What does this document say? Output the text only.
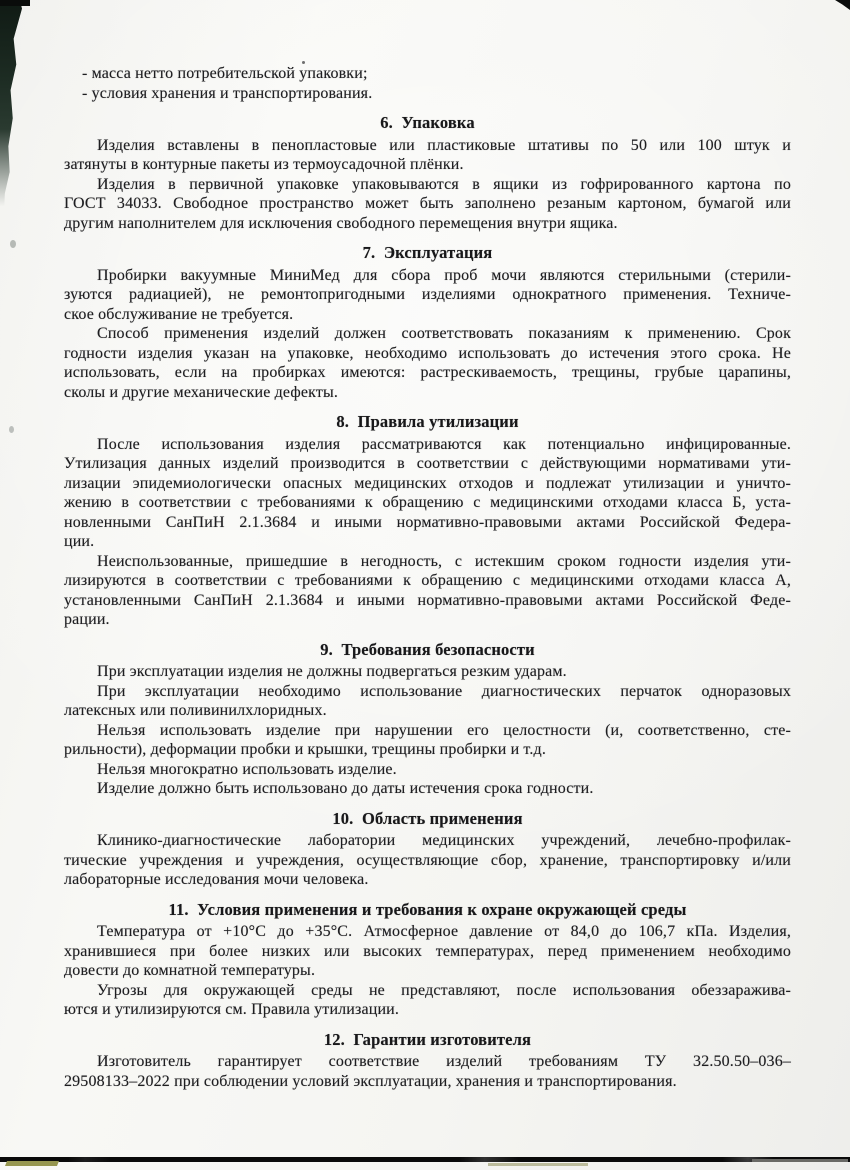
- масса нетто потребительской упаковки;
- условия хранения и транспортирования.
6.  Упаковка
Изделия вставлены в пенопластовые или пластиковые штативы по 50 или 100 штук и
затянуты в контурные пакеты из термоусадочной плёнки.
Изделия в первичной упаковке упаковываются в ящики из гофрированного картона по
ГОСТ 34033. Свободное пространство может быть заполнено резаным картоном, бумагой или
другим наполнителем для исключения свободного перемещения внутри ящика.
7.  Эксплуатация
Пробирки вакуумные МиниМед для сбора проб мочи являются стерильными (стерили-
зуются радиацией), не ремонтопригодными изделиями однократного применения. Техниче-
ское обслуживание не требуется.
Способ применения изделий должен соответствовать показаниям к применению. Срок
годности изделия указан на упаковке, необходимо использовать до истечения этого срока. Не
использовать, если на пробирках имеются: растрескиваемость, трещины, грубые царапины,
сколы и другие механические дефекты.
8.  Правила утилизации
После использования изделия рассматриваются как потенциально инфицированные.
Утилизация данных изделий производится в соответствии с действующими нормативами ути-
лизации эпидемиологически опасных медицинских отходов и подлежат утилизации и уничто-
жению в соответствии с требованиями к обращению с медицинскими отходами класса Б, уста-
новленными СанПиН 2.1.3684 и иными нормативно-правовыми актами Российской Федера-
ции.
Неиспользованные, пришедшие в негодность, с истекшим сроком годности изделия ути-
лизируются в соответствии с требованиями к обращению с медицинскими отходами класса А,
установленными СанПиН 2.1.3684 и иными нормативно-правовыми актами Российской Феде-
рации.
9.  Требования безопасности
При эксплуатации изделия не должны подвергаться резким ударам.
При эксплуатации необходимо использование диагностических перчаток одноразовых
латексных или поливинилхлоридных.
Нельзя использовать изделие при нарушении его целостности (и, соответственно, сте-
рильности), деформации пробки и крышки, трещины пробирки и т.д.
Нельзя многократно использовать изделие.
Изделие должно быть использовано до даты истечения срока годности.
10.  Область применения
Клинико-диагностические лаборатории медицинских учреждений, лечебно-профилак-
тические учреждения и учреждения, осуществляющие сбор, хранение, транспортировку и/или
лабораторные исследования мочи человека.
11.  Условия применения и требования к охране окружающей среды
Температура от +10°С до +35°С. Атмосферное давление от 84,0 до 106,7 кПа. Изделия,
хранившиеся при более низких или высоких температурах, перед применением необходимо
довести до комнатной температуры.
Угрозы для окружающей среды не представляют, после использования обеззаражива-
ются и утилизируются см. Правила утилизации.
12.  Гарантии изготовителя
Изготовитель гарантирует соответствие изделий требованиям ТУ 32.50.50–036–
29508133–2022 при соблюдении условий эксплуатации, хранения и транспортирования.
